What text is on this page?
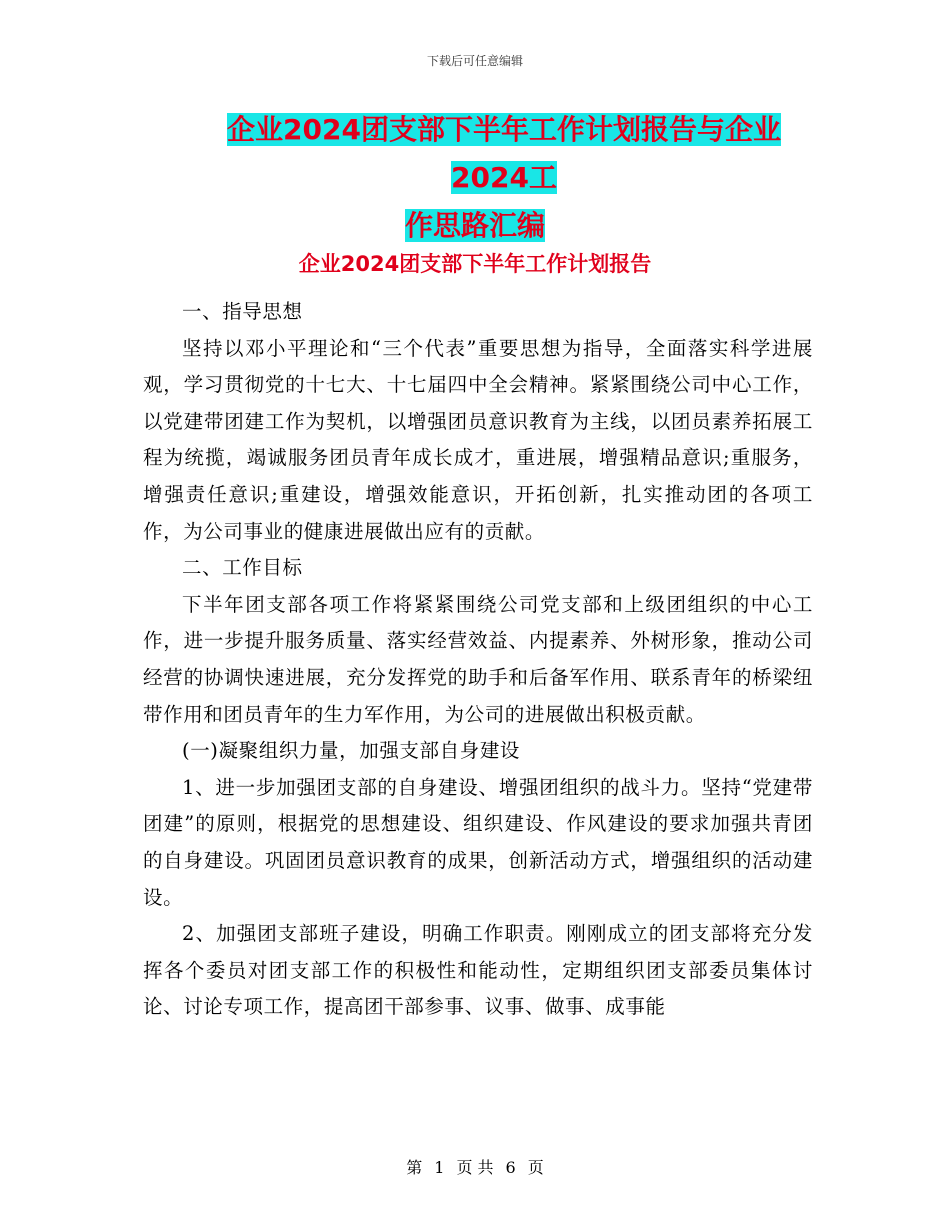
下载后可任意编辑
企业2024团支部下半年工作计划报告与企业2024工
作思路汇编
企业2024团支部下半年工作计划报告

一、指导思想

坚持以邓小平理论和“三个代表”重要思想为指导，全面落实科学进展观，学习贯彻党的十七大、十七届四中全会精神。紧紧围绕公司中心工作，以党建带团建工作为契机，以增强团员意识教育为主线，以团员素养拓展工程为统揽，竭诚服务团员青年成长成才，重进展，增强精品意识;重服务，增强责任意识;重建设，增强效能意识，开拓创新，扎实推动团的各项工作，为公司事业的健康进展做出应有的贡献。

二、工作目标

下半年团支部各项工作将紧紧围绕公司党支部和上级团组织的中心工作，进一步提升服务质量、落实经营效益、内提素养、外树形象，推动公司经营的协调快速进展，充分发挥党的助手和后备军作用、联系青年的桥梁纽带作用和团员青年的生力军作用，为公司的进展做出积极贡献。

(一)凝聚组织力量，加强支部自身建设

1、进一步加强团支部的自身建设、增强团组织的战斗力。坚持“党建带团建”的原则，根据党的思想建设、组织建设、作风建设的要求加强共青团的自身建设。巩固团员意识教育的成果，创新活动方式，增强组织的活动建设。

2、加强团支部班子建设，明确工作职责。刚刚成立的团支部将充分发挥各个委员对团支部工作的积极性和能动性，定期组织团支部委员集体讨论、讨论专项工作，提高团干部参事、议事、做事、成事能

第 1 页 共 6 页
